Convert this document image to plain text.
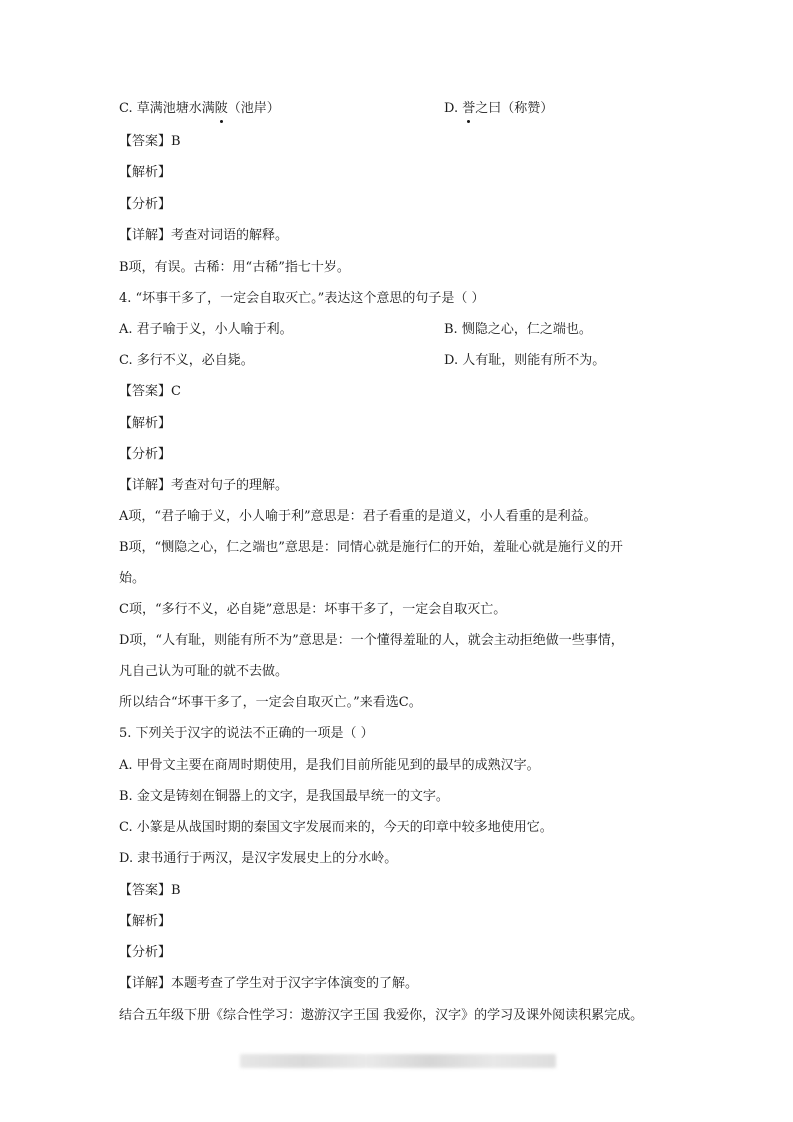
C. 草满池塘水满陂（池岸）	D. 誉之曰（称赞）
【答案】B
【解析】
【分析】
【详解】考查对词语的解释。
B项，有误。古稀：用“古稀”指七十岁。
4. “坏事干多了，一定会自取灭亡。”表达这个意思的句子是（ ）
A. 君子喻于义，小人喻于利。	B. 恻隐之心，仁之端也。
C. 多行不义，必自毙。	D. 人有耻，则能有所不为。
【答案】C
【解析】
【分析】
【详解】考查对句子的理解。
A项，“君子喻于义，小人喻于利”意思是：君子看重的是道义，小人看重的是利益。
B项，“恻隐之心，仁之端也”意思是：同情心就是施行仁的开始，羞耻心就是施行义的开
始。
C项，“多行不义，必自毙”意思是：坏事干多了，一定会自取灭亡。
D项，“人有耻，则能有所不为”意思是：一个懂得羞耻的人，就会主动拒绝做一些事情，
凡自己认为可耻的就不去做。
所以结合“坏事干多了，一定会自取灭亡。”来看选C。
5. 下列关于汉字的说法不正确的一项是（ ）
A. 甲骨文主要在商周时期使用，是我们目前所能见到的最早的成熟汉字。
B. 金文是铸刻在铜器上的文字，是我国最早统一的文字。
C. 小篆是从战国时期的秦国文字发展而来的，今天的印章中较多地使用它。
D. 隶书通行于两汉，是汉字发展史上的分水岭。
【答案】B
【解析】
【分析】
【详解】本题考查了学生对于汉字字体演变的了解。
结合五年级下册《综合性学习：遨游汉字王国 我爱你，汉字》的学习及课外阅读积累完成。
